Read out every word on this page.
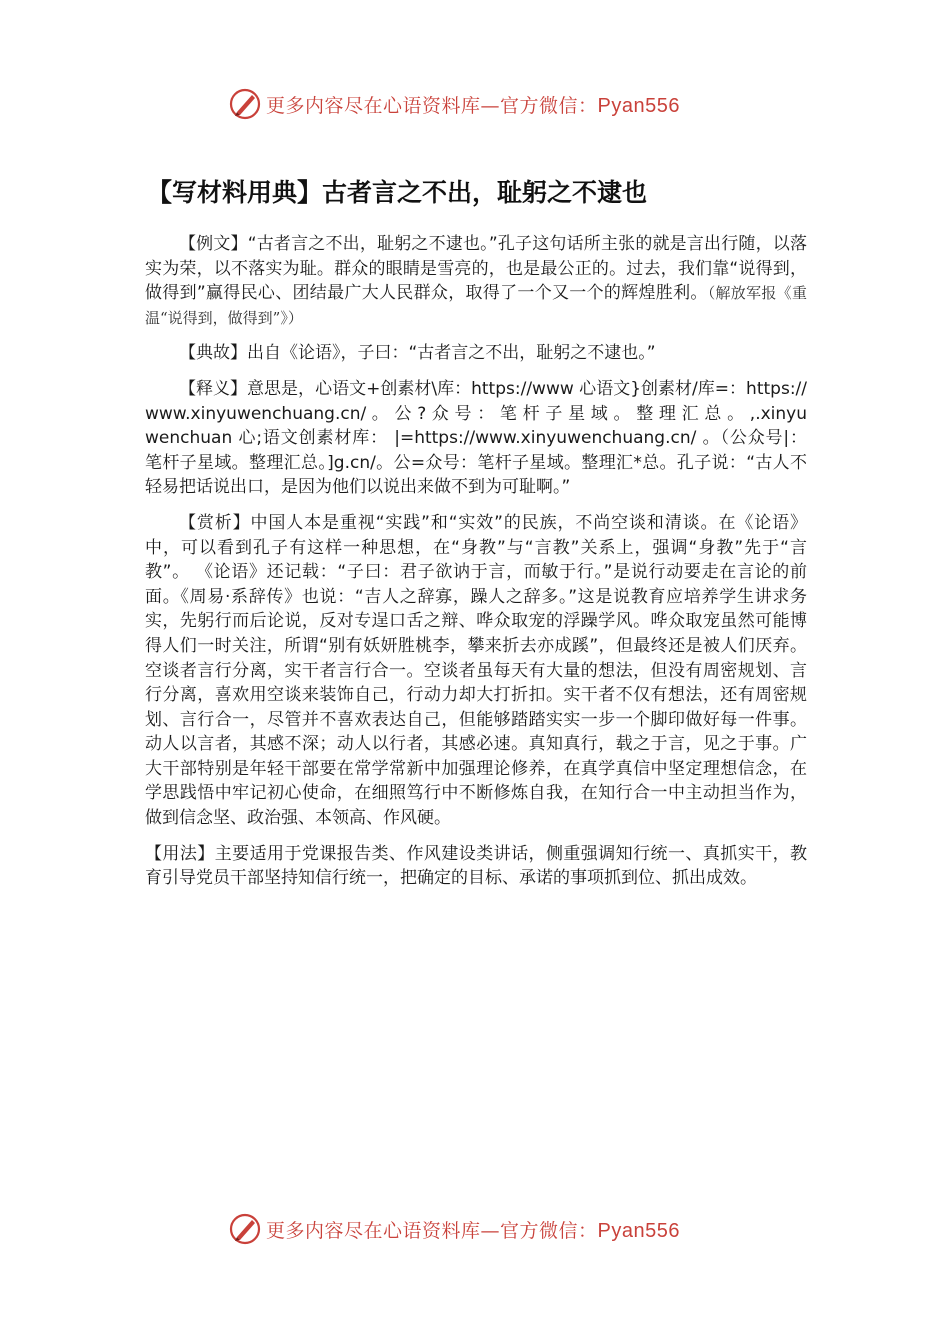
更多内容尽在心语资料库—官方微信：Pyan556
【写材料用典】古者言之不出，耻躬之不逮也

【例文】“古者言之不出，耻躬之不逮也。”孔子这句话所主张的就是言出行随，以落实为荣，以不落实为耻。群众的眼睛是雪亮的，也是最公正的。过去，我们靠“说得到，做得到”赢得民心、团结最广大人民群众，取得了一个又一个的辉煌胜利。（解放军报《重温“说得到，做得到”》）

【典故】出自《论语》，子曰：“古者言之不出，耻躬之不逮也。”

【释义】意思是，心语文+创素材\库：https://www 心语文}创素材/库=：https://www.xinyuwenchuang.cn/ 。 公 ? 众 号 ： 笔 杆 子 星 域 。 整 理 汇 总 。 ,.xinyuwenchuan 心;语文创素材库： |=https://www.xinyuwenchuang.cn/ 。（公众号|：笔杆子星域。整理汇总。]g.cn/。公=众号：笔杆子星域。整理汇*总。孔子说：“古人不轻易把话说出口，是因为他们以说出来做不到为可耻啊。”

【赏析】中国人本是重视“实践”和“实效”的民族，不尚空谈和清谈。在《论语》中，可以看到孔子有这样一种思想，在“身教”与“言教”关系上，强调“身教”先于“言教”。 《论语》还记载：“子曰：君子欲讷于言，而敏于行。”是说行动要走在言论的前面。《周易·系辞传》也说：“吉人之辞寡，躁人之辞多。”这是说教育应培养学生讲求务实，先躬行而后论说，反对专逞口舌之辩、哗众取宠的浮躁学风。哗众取宠虽然可能博得人们一时关注，所谓“别有妖妍胜桃李，攀来折去亦成蹊”，但最终还是被人们厌弃。空谈者言行分离，实干者言行合一。空谈者虽每天有大量的想法，但没有周密规划、言行分离，喜欢用空谈来装饰自己，行动力却大打折扣。实干者不仅有想法，还有周密规划、言行合一，尽管并不喜欢表达自己，但能够踏踏实实一步一个脚印做好每一件事。动人以言者，其感不深；动人以行者，其感必速。真知真行，载之于言，见之于事。广大干部特别是年轻干部要在常学常新中加强理论修养，在真学真信中坚定理想信念，在学思践悟中牢记初心使命，在细照笃行中不断修炼自我，在知行合一中主动担当作为，做到信念坚、政治强、本领高、作风硬。

【用法】主要适用于党课报告类、作风建设类讲话，侧重强调知行统一、真抓实干，教育引导党员干部坚持知信行统一，把确定的目标、承诺的事项抓到位、抓出成效。

更多内容尽在心语资料库—官方微信：Pyan556
